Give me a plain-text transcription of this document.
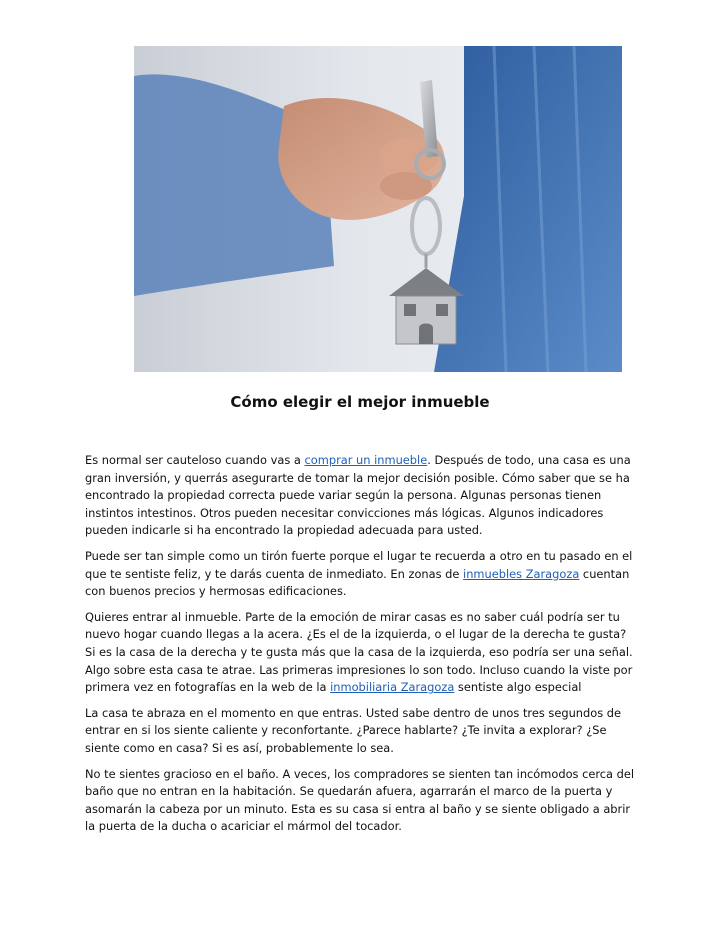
Cómo elegir el mejor inmueble

Es normal ser cauteloso cuando vas a comprar un inmueble. Después de todo, una casa es una gran inversión, y querrás asegurarte de tomar la mejor decisión posible. Cómo saber que se ha encontrado la propiedad correcta puede variar según la persona. Algunas personas tienen instintos intestinos. Otros pueden necesitar convicciones más lógicas. Algunos indicadores pueden indicarle si ha encontrado la propiedad adecuada para usted.

Puede ser tan simple como un tirón fuerte porque el lugar te recuerda a otro en tu pasado en el que te sentiste feliz, y te darás cuenta de inmediato. En zonas de inmuebles Zaragoza cuentan con buenos precios y hermosas edificaciones.

Quieres entrar al inmueble. Parte de la emoción de mirar casas es no saber cuál podría ser tu nuevo hogar cuando llegas a la acera. ¿Es el de la izquierda, o el lugar de la derecha te gusta? Si es la casa de la derecha y te gusta más que la casa de la izquierda, eso podría ser una señal. Algo sobre esta casa te atrae. Las primeras impresiones lo son todo. Incluso cuando la viste por primera vez en fotografías en la web de la inmobiliaria Zaragoza sentiste algo especial

La casa te abraza en el momento en que entras. Usted sabe dentro de unos tres segundos de entrar en si los siente caliente y reconfortante. ¿Parece hablarte? ¿Te invita a explorar? ¿Se siente como en casa? Si es así, probablemente lo sea.

No te sientes gracioso en el baño. A veces, los compradores se sienten tan incómodos cerca del baño que no entran en la habitación. Se quedarán afuera, agarrarán el marco de la puerta y asomarán la cabeza por un minuto. Esta es su casa si entra al baño y se siente obligado a abrir la puerta de la ducha o acariciar el mármol del tocador.
